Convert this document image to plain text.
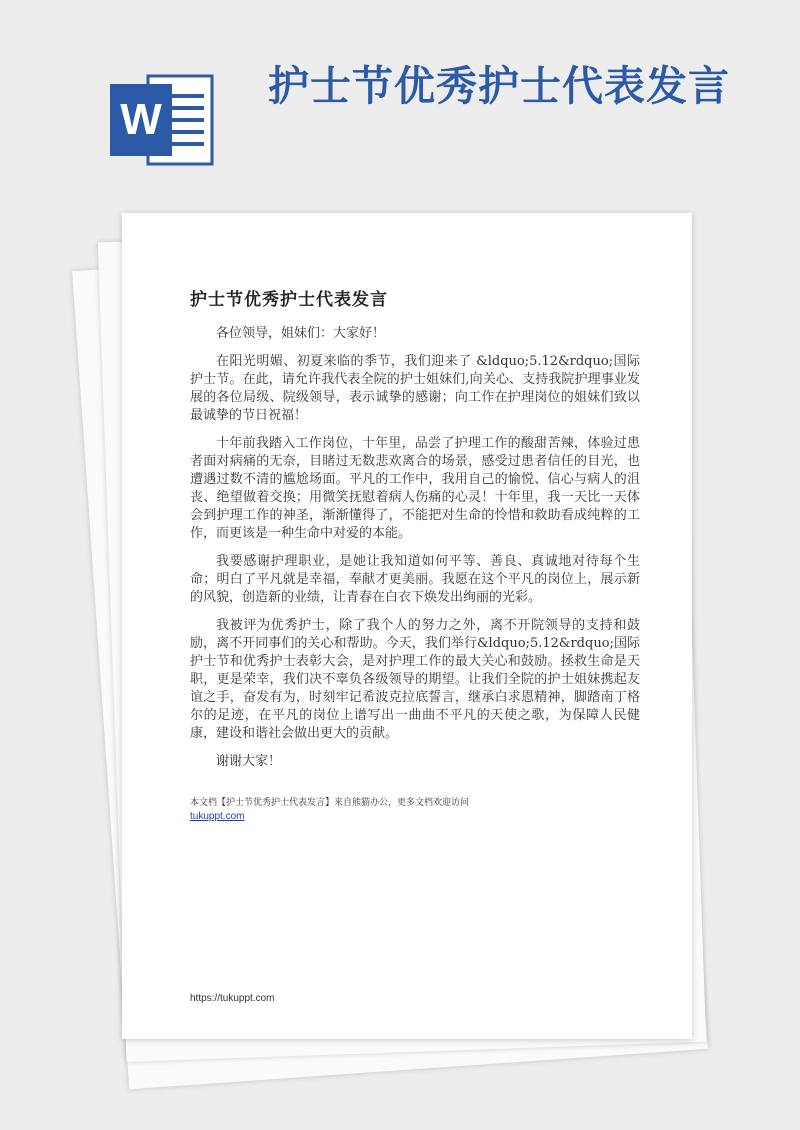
W
护士节优秀护士代表发言
护士节优秀护士代表发言

各位领导，姐妹们：大家好！

在阳光明媚、初夏来临的季节，我们迎来了 &ldquo;5.12&rdquo;国际护士节。在此，请允许我代表全院的护士姐妹们,向关心、支持我院护理事业发展的各位局级、院级领导，表示诚挚的感谢；向工作在护理岗位的姐妹们致以最诚挚的节日祝福！

十年前我踏入工作岗位，十年里，品尝了护理工作的酸甜苦辣，体验过患者面对病痛的无奈，目睹过无数悲欢离合的场景，感受过患者信任的目光，也遭遇过数不清的尴尬场面。平凡的工作中，我用自己的愉悦、信心与病人的沮丧、绝望做着交换；用微笑抚慰着病人伤痛的心灵！十年里，我一天比一天体会到护理工作的神圣，渐渐懂得了，不能把对生命的怜惜和救助看成纯粹的工作，而更该是一种生命中对爱的本能。

我要感谢护理职业，是她让我知道如何平等、善良、真诚地对待每个生命；明白了平凡就是幸福，奉献才更美丽。我愿在这个平凡的岗位上，展示新的风貌，创造新的业绩，让青春在白衣下焕发出绚丽的光彩。

我被评为优秀护士，除了我个人的努力之外，离不开院领导的支持和鼓励，离不开同事们的关心和帮助。今天，我们举行&ldquo;5.12&rdquo;国际护士节和优秀护士表彰大会，是对护理工作的最大关心和鼓励。拯救生命是天职，更是荣幸，我们决不辜负各级领导的期望。让我们全院的护士姐妹携起友谊之手，奋发有为，时刻牢记希波克拉底誓言，继承白求恩精神，脚踏南丁格尔的足迹，在平凡的岗位上谱写出一曲曲不平凡的天使之歌，为保障人民健康，建设和谐社会做出更大的贡献。

谢谢大家！

本文档【护士节优秀护士代表发言】来自熊猫办公，更多文档欢迎访问
tukuppt.com
https://tukuppt.com
